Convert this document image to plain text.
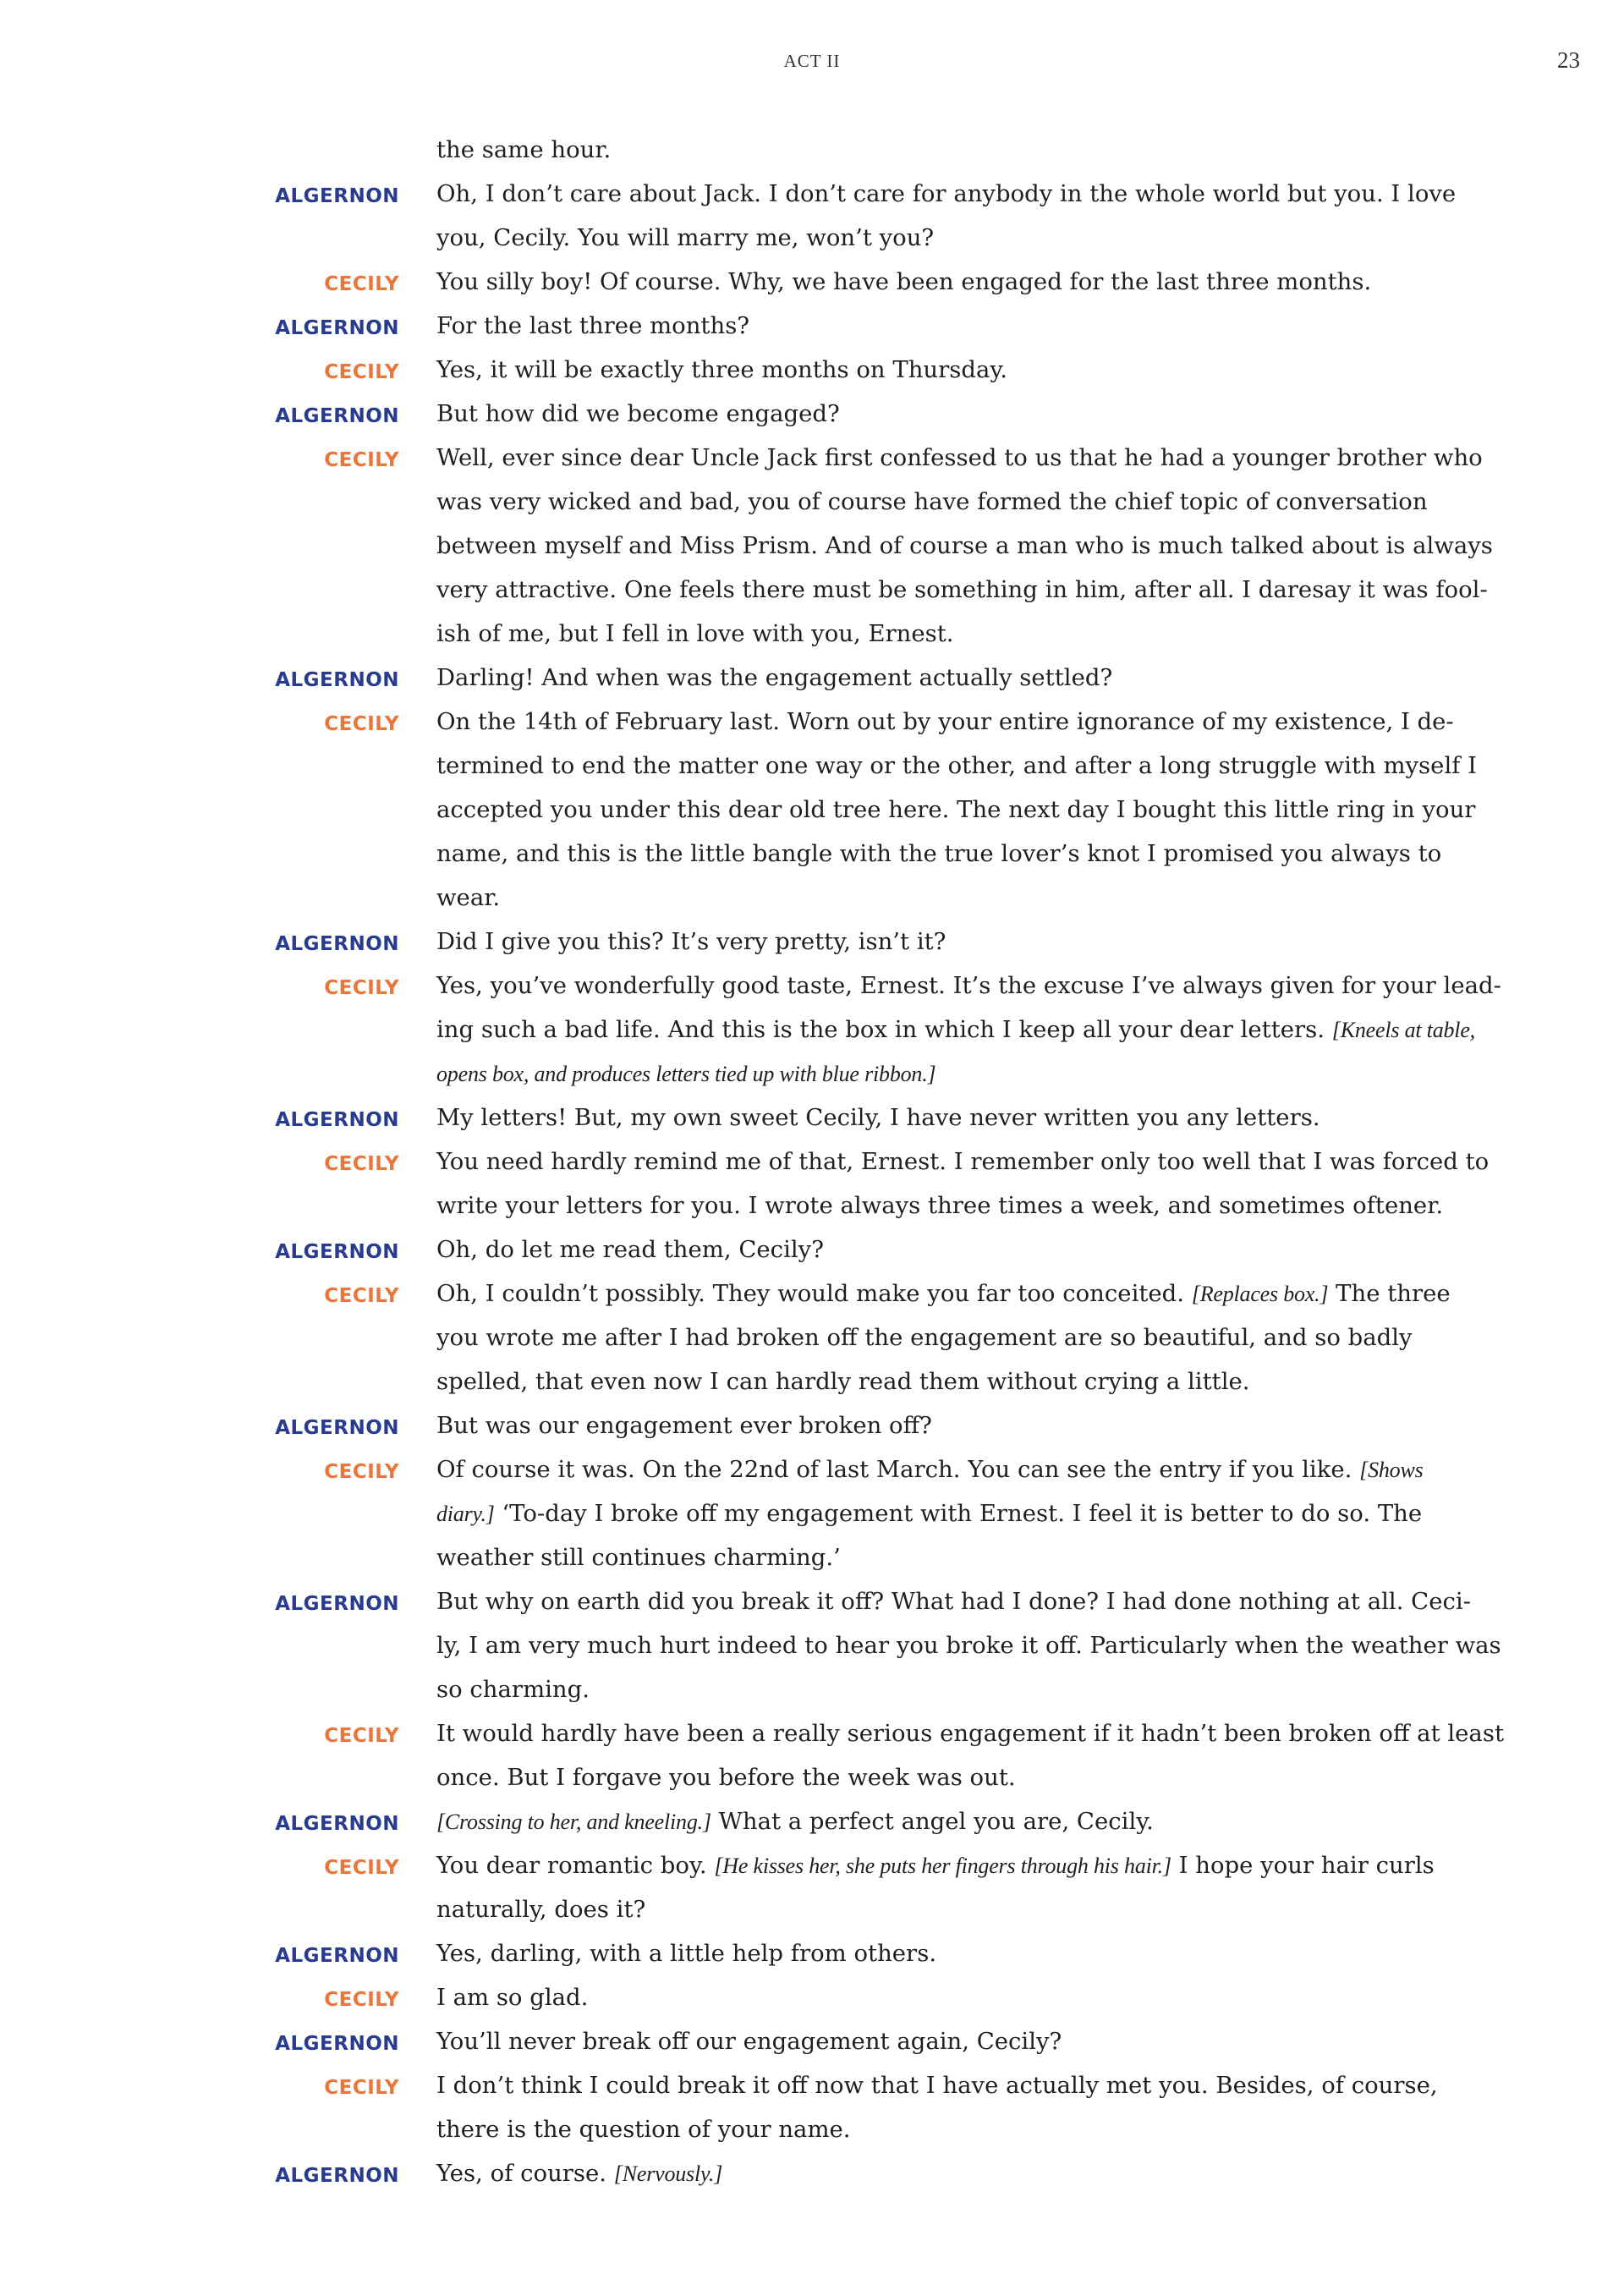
ACT II	23
the same hour.
ALGERNON	Oh, I don’t care about Jack. I don’t care for anybody in the whole world but you. I love
you, Cecily. You will marry me, won’t you?
CECILY	You silly boy! Of course. Why, we have been engaged for the last three months.
ALGERNON	For the last three months?
CECILY	Yes, it will be exactly three months on Thursday.
ALGERNON	But how did we become engaged?
CECILY	Well, ever since dear Uncle Jack first confessed to us that he had a younger brother who
was very wicked and bad, you of course have formed the chief topic of conversation
between myself and Miss Prism. And of course a man who is much talked about is always
very attractive. One feels there must be something in him, after all. I daresay it was fool-
ish of me, but I fell in love with you, Ernest.
ALGERNON	Darling! And when was the engagement actually settled?
CECILY	On the 14th of February last. Worn out by your entire ignorance of my existence, I de-
termined to end the matter one way or the other, and after a long struggle with myself I
accepted you under this dear old tree here. The next day I bought this little ring in your
name, and this is the little bangle with the true lover’s knot I promised you always to
wear.
ALGERNON	Did I give you this? It’s very pretty, isn’t it?
CECILY	Yes, you’ve wonderfully good taste, Ernest. It’s the excuse I’ve always given for your lead-
ing such a bad life. And this is the box in which I keep all your dear letters. [Kneels at table,
opens box, and produces letters tied up with blue ribbon.]
ALGERNON	My letters! But, my own sweet Cecily, I have never written you any letters.
CECILY	You need hardly remind me of that, Ernest. I remember only too well that I was forced to
write your letters for you. I wrote always three times a week, and sometimes oftener.
ALGERNON	Oh, do let me read them, Cecily?
CECILY	Oh, I couldn’t possibly. They would make you far too conceited. [Replaces box.] The three
you wrote me after I had broken off the engagement are so beautiful, and so badly
spelled, that even now I can hardly read them without crying a little.
ALGERNON	But was our engagement ever broken off?
CECILY	Of course it was. On the 22nd of last March. You can see the entry if you like. [Shows
diary.] ‘To-day I broke off my engagement with Ernest. I feel it is better to do so. The
weather still continues charming.’
ALGERNON	But why on earth did you break it off? What had I done? I had done nothing at all. Ceci-
ly, I am very much hurt indeed to hear you broke it off. Particularly when the weather was
so charming.
CECILY	It would hardly have been a really serious engagement if it hadn’t been broken off at least
once. But I forgave you before the week was out.
ALGERNON	[Crossing to her, and kneeling.] What a perfect angel you are, Cecily.
CECILY	You dear romantic boy. [He kisses her, she puts her fingers through his hair.] I hope your hair curls
naturally, does it?
ALGERNON	Yes, darling, with a little help from others.
CECILY	I am so glad.
ALGERNON	You’ll never break off our engagement again, Cecily?
CECILY	I don’t think I could break it off now that I have actually met you. Besides, of course,
there is the question of your name.
ALGERNON	Yes, of course. [Nervously.]
